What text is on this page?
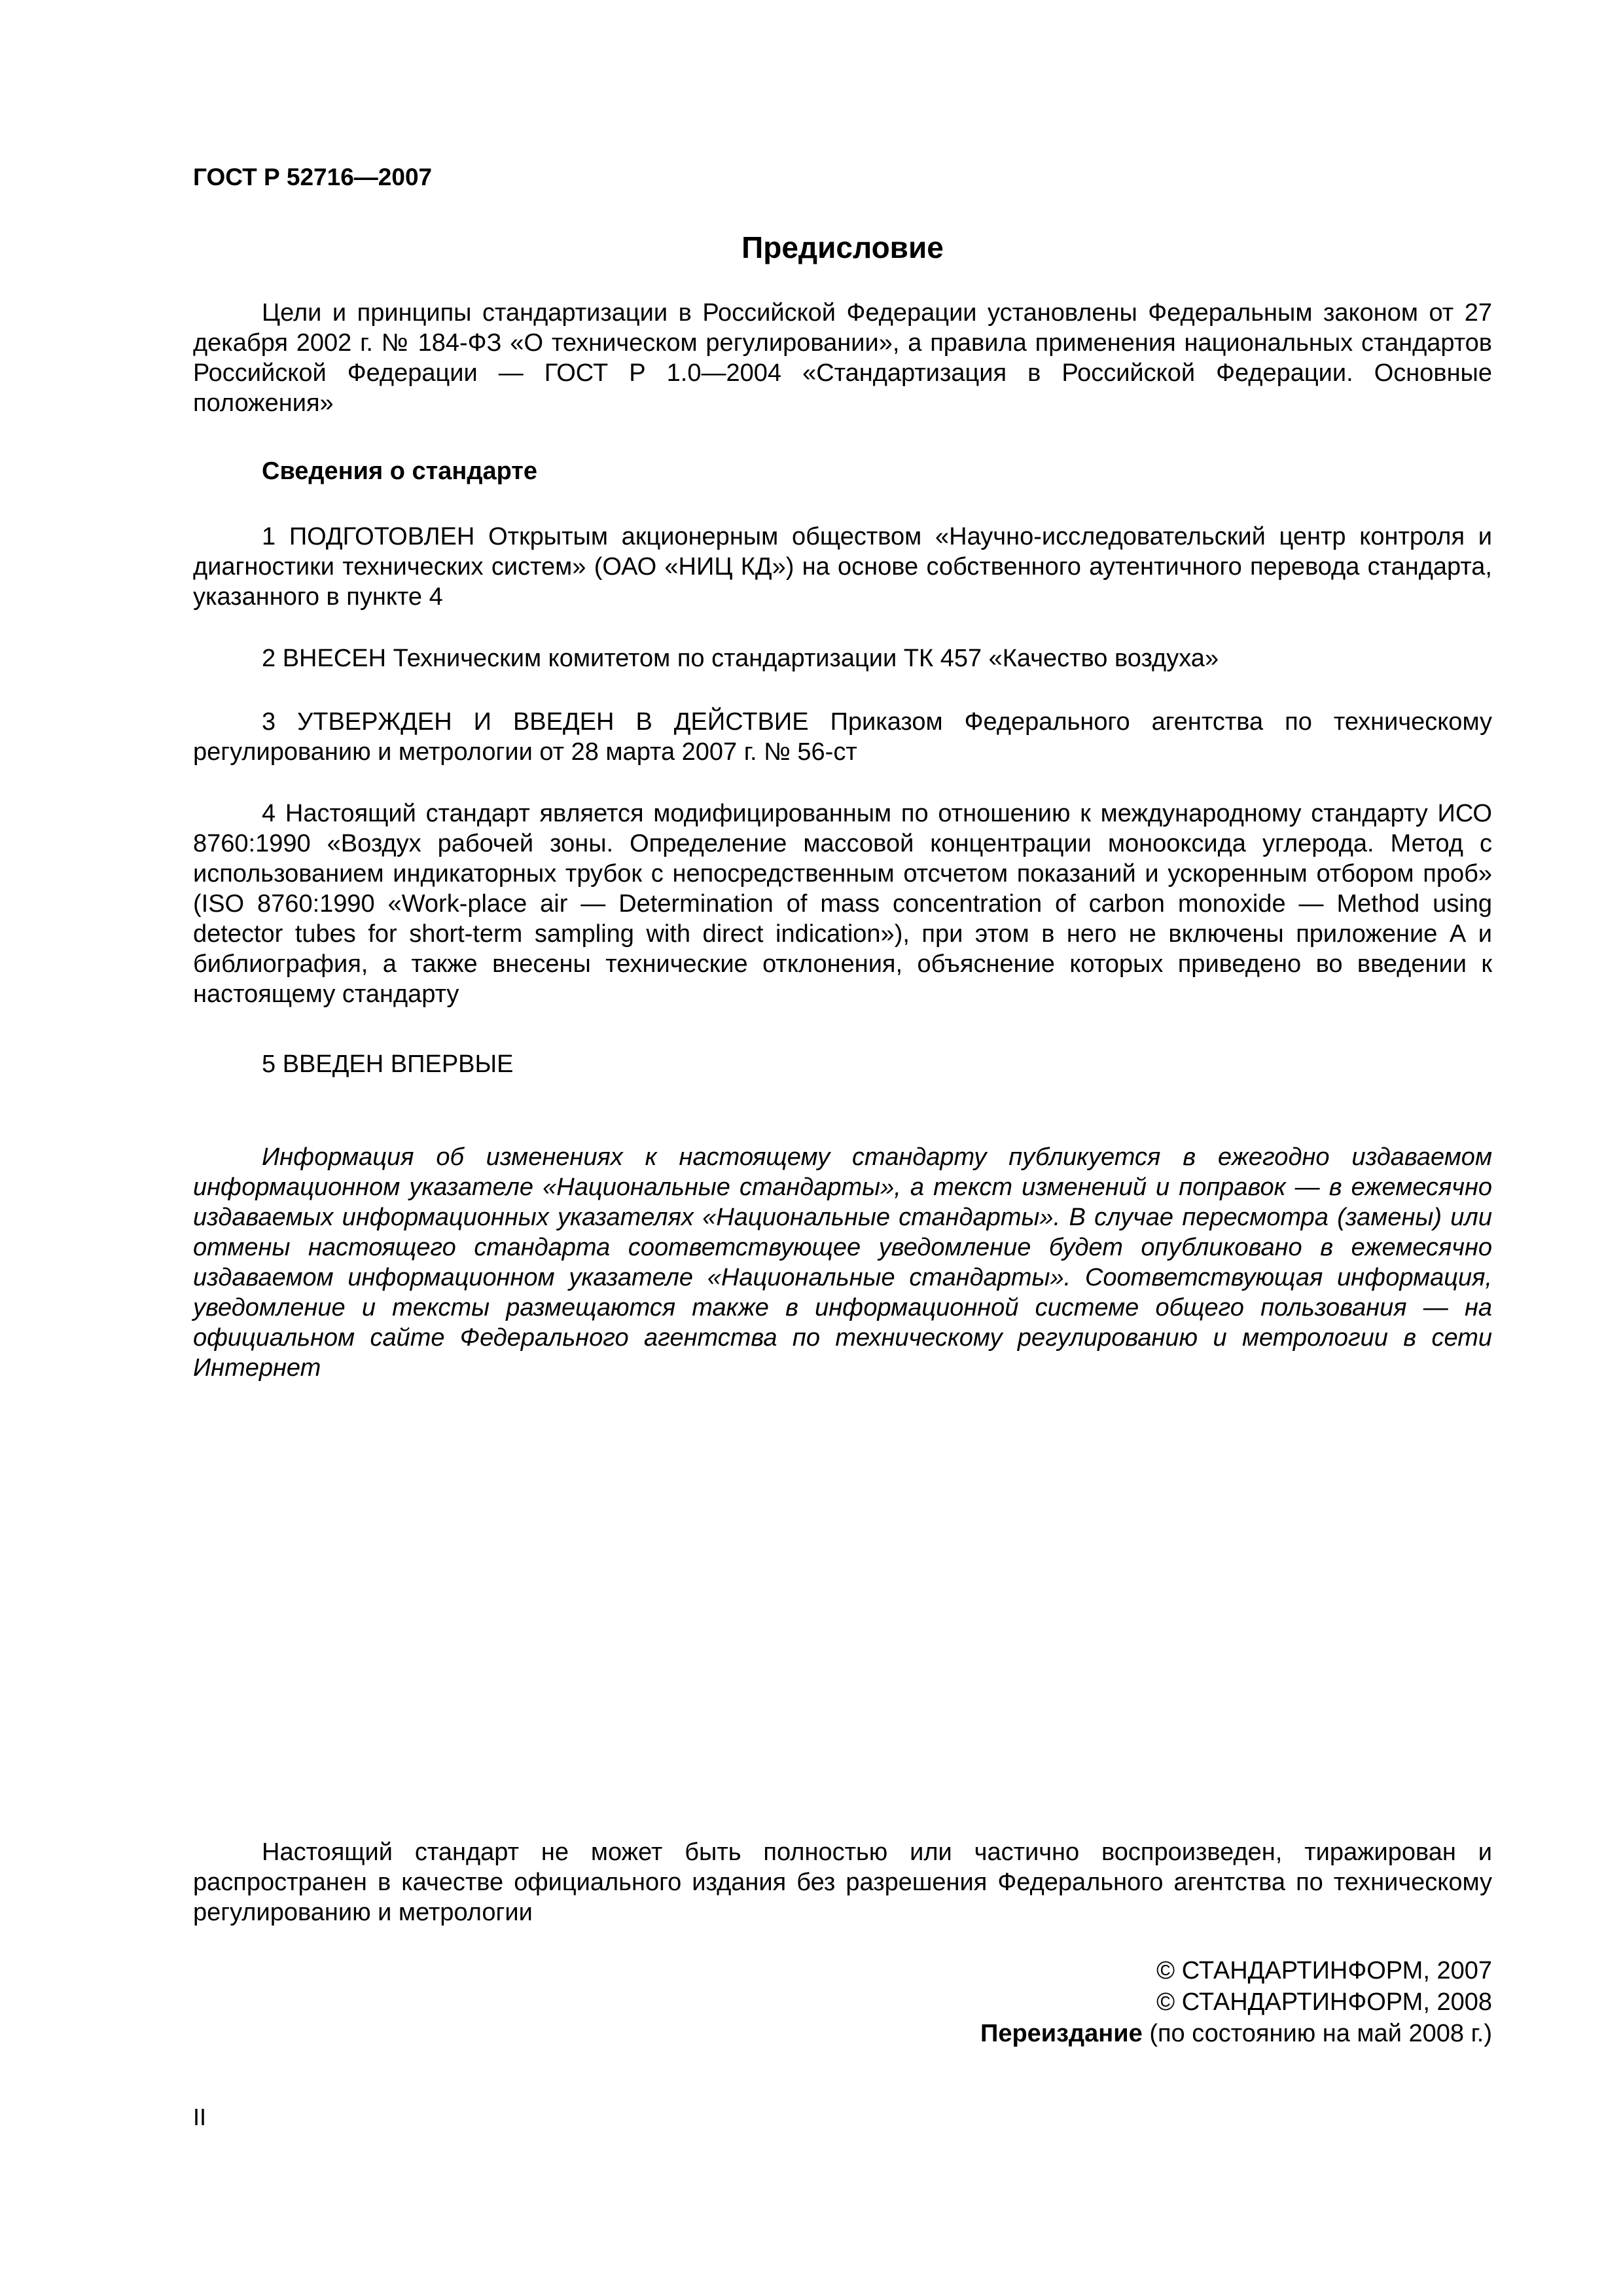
ГОСТ Р 52716—2007

Предисловие

Цели и принципы стандартизации в Российской Федерации установлены Федеральным законом от 27 декабря 2002 г. № 184-ФЗ «О техническом регулировании», а правила применения национальных стандартов Российской Федерации — ГОСТ Р 1.0—2004 «Стандартизация в Российской Федерации. Основные положения»

Сведения о стандарте

1 ПОДГОТОВЛЕН Открытым акционерным обществом «Научно-исследовательский центр контроля и диагностики технических систем» (ОАО «НИЦ КД») на основе собственного аутентичного перевода стандарта, указанного в пункте 4

2 ВНЕСЕН Техническим комитетом по стандартизации ТК 457 «Качество воздуха»

3 УТВЕРЖДЕН И ВВЕДЕН В ДЕЙСТВИЕ Приказом Федерального агентства по техническому регулированию и метрологии от 28 марта 2007 г. № 56-ст

4 Настоящий стандарт является модифицированным по отношению к международному стандарту ИСО 8760:1990 «Воздух рабочей зоны. Определение массовой концентрации монооксида углерода. Метод с использованием индикаторных трубок с непосредственным отсчетом показаний и ускоренным отбором проб» (ISO 8760:1990 «Work-place air — Determination of mass concentration of carbon monoxide — Method using detector tubes for short-term sampling with direct indication»), при этом в него не включены приложение А и библиография, а также внесены технические отклонения, объяснение которых приведено во введении к настоящему стандарту

5 ВВЕДЕН ВПЕРВЫЕ

Информация об изменениях к настоящему стандарту публикуется в ежегодно издаваемом информационном указателе «Национальные стандарты», а текст изменений и поправок — в ежемесячно издаваемых информационных указателях «Национальные стандарты». В случае пересмотра (замены) или отмены настоящего стандарта соответствующее уведомление будет опубликовано в ежемесячно издаваемом информационном указателе «Национальные стандарты». Соответствующая информация, уведомление и тексты размещаются также в информационной системе общего пользования — на официальном сайте Федерального агентства по техническому регулированию и метрологии в сети Интернет

Настоящий стандарт не может быть полностью или частично воспроизведен, тиражирован и распространен в качестве официального издания без разрешения Федерального агентства по техническому регулированию и метрологии

© СТАНДАРТИНФОРМ, 2007

© СТАНДАРТИНФОРМ, 2008

Переиздание (по состоянию на май 2008 г.)

II
